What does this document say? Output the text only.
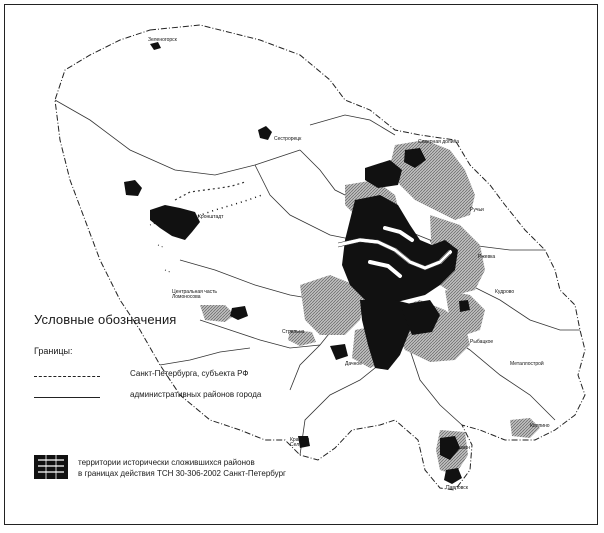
Зеленогорск
Сестрорецк
Кронштадт
Центральная часть Ломоносова
Стрельна
Красное Село	Пушкин
Павловск
Колпино
Металлострой
Северная долина
Кудрово
Ржевка
Ручьи
Дачное
Рыбацкое
Условные обозначения
Границы:
Санкт-Петербурга, субъекта РФ
административных районов города
территории исторически сложившихся районов
в границах действия ТСН 30-306-2002 Санкт-Петербург
